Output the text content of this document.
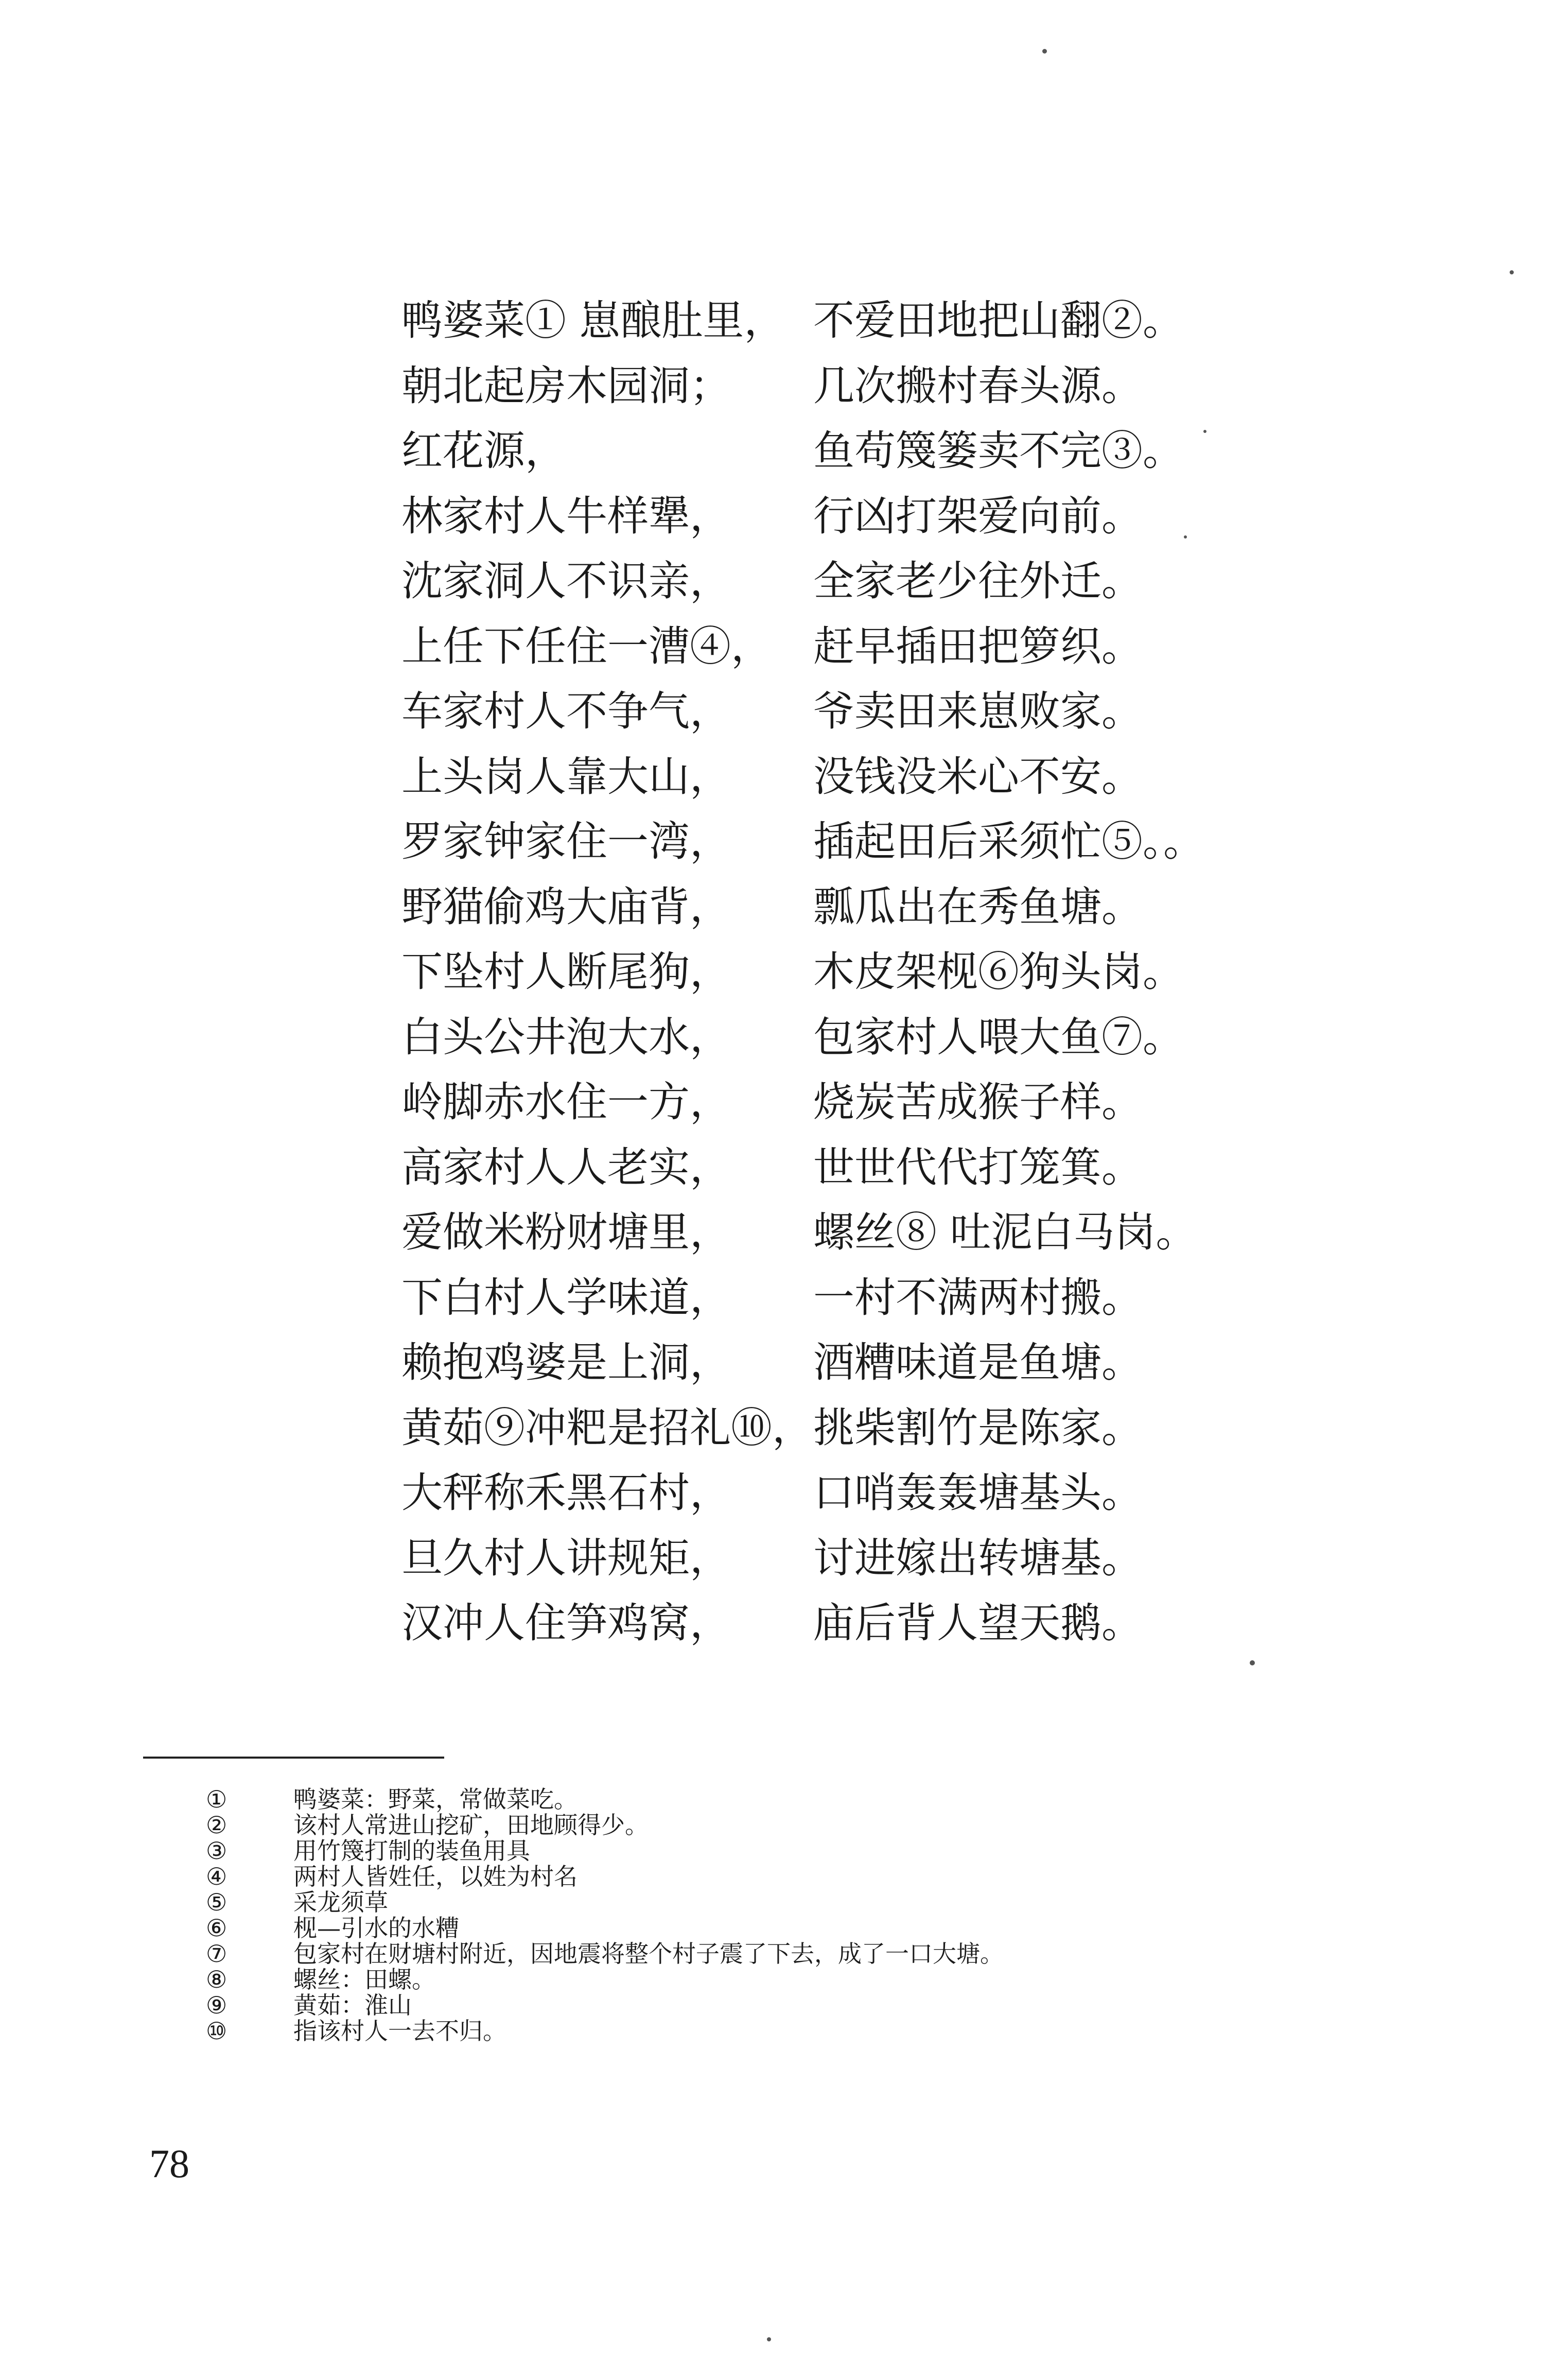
鸭婆菜① 崽酿肚里， 不爱田地把山翻②。
朝北起房木园洞； 几次搬村春头源。
红花源，	鱼苟篾篓卖不完③。
林家村人牛样犟， 行凶打架爱向前。
沈家洞人不识亲， 全家老少往外迁。
上任下任住一漕④， 赶早插田把箩织。
车家村人不争气， 爷卖田来崽败家。
上头岗人靠大山， 没钱没米心不安。
罗家钟家住一湾， 插起田后采须忙⑤。。
野猫偷鸡大庙背， 瓢瓜出在秀鱼塘。
下坠村人断尾狗， 木皮架枧⑥狗头岗。
白头公井泡大水， 包家村人喂大鱼⑦。
岭脚赤水住一方， 烧炭苦成猴子样。
高家村人人老实， 世世代代打笼箕。
爱做米粉财塘里， 螺丝⑧ 吐泥白马岗。
下白村人学味道， 一村不满两村搬。
赖抱鸡婆是上洞， 酒糟味道是鱼塘。
黄茹⑨冲粑是招礼⑩， 挑柴割竹是陈家。
大秤称禾黑石村， 口哨轰轰塘基头。
旦久村人讲规矩， 讨进嫁出转塘基。
汉冲人住笋鸡窝， 庙后背人望天鹅。
①	鸭婆菜：野菜，常做菜吃。
②	该村人常进山挖矿，田地顾得少。
③	用竹篾打制的装鱼用具
④	两村人皆姓任，以姓为村名
⑤	采龙须草
⑥	枧—引水的水糟
⑦	包家村在财塘村附近，因地震将整个村子震了下去，成了一口大塘。
⑧	螺丝：田螺。
⑨	黄茹：淮山
⑩	指该村人一去不归。
78
